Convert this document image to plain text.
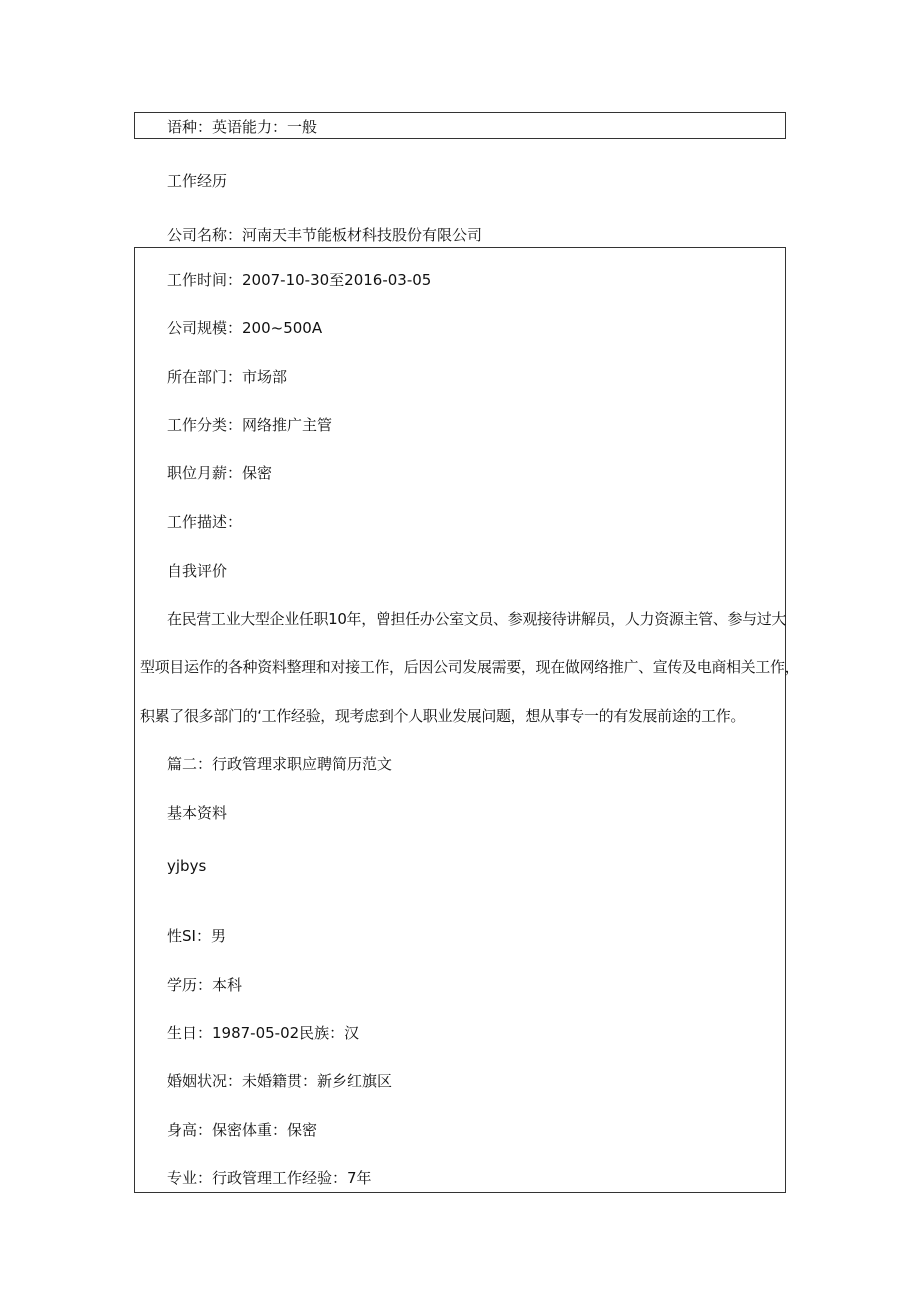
语种：英语能力：一般
工作经历
公司名称：河南天丰节能板材科技股份有限公司
工作时间：2007-10-30至2016-03-05
公司规模：200~500A
所在部门：市场部
工作分类：网络推广主管
职位月薪：保密
工作描述：
自我评价
在民营工业大型企业任职10年，曾担任办公室文员、参观接待讲解员，人力资源主管、参与过大
型项目运作的各种资料整理和对接工作，后因公司发展需要，现在做网络推广、宣传及电商相关工作，
积累了很多部门的‘工作经验，现考虑到个人职业发展问题，想从事专一的有发展前途的工作。
篇二：行政管理求职应聘简历范文
基本资料
yjbys
性SI：男
学历：本科
生日：1987-05-02民族：汉
婚姻状况：未婚籍贯：新乡红旗区
身高：保密体重：保密
专业：行政管理工作经验：7年
